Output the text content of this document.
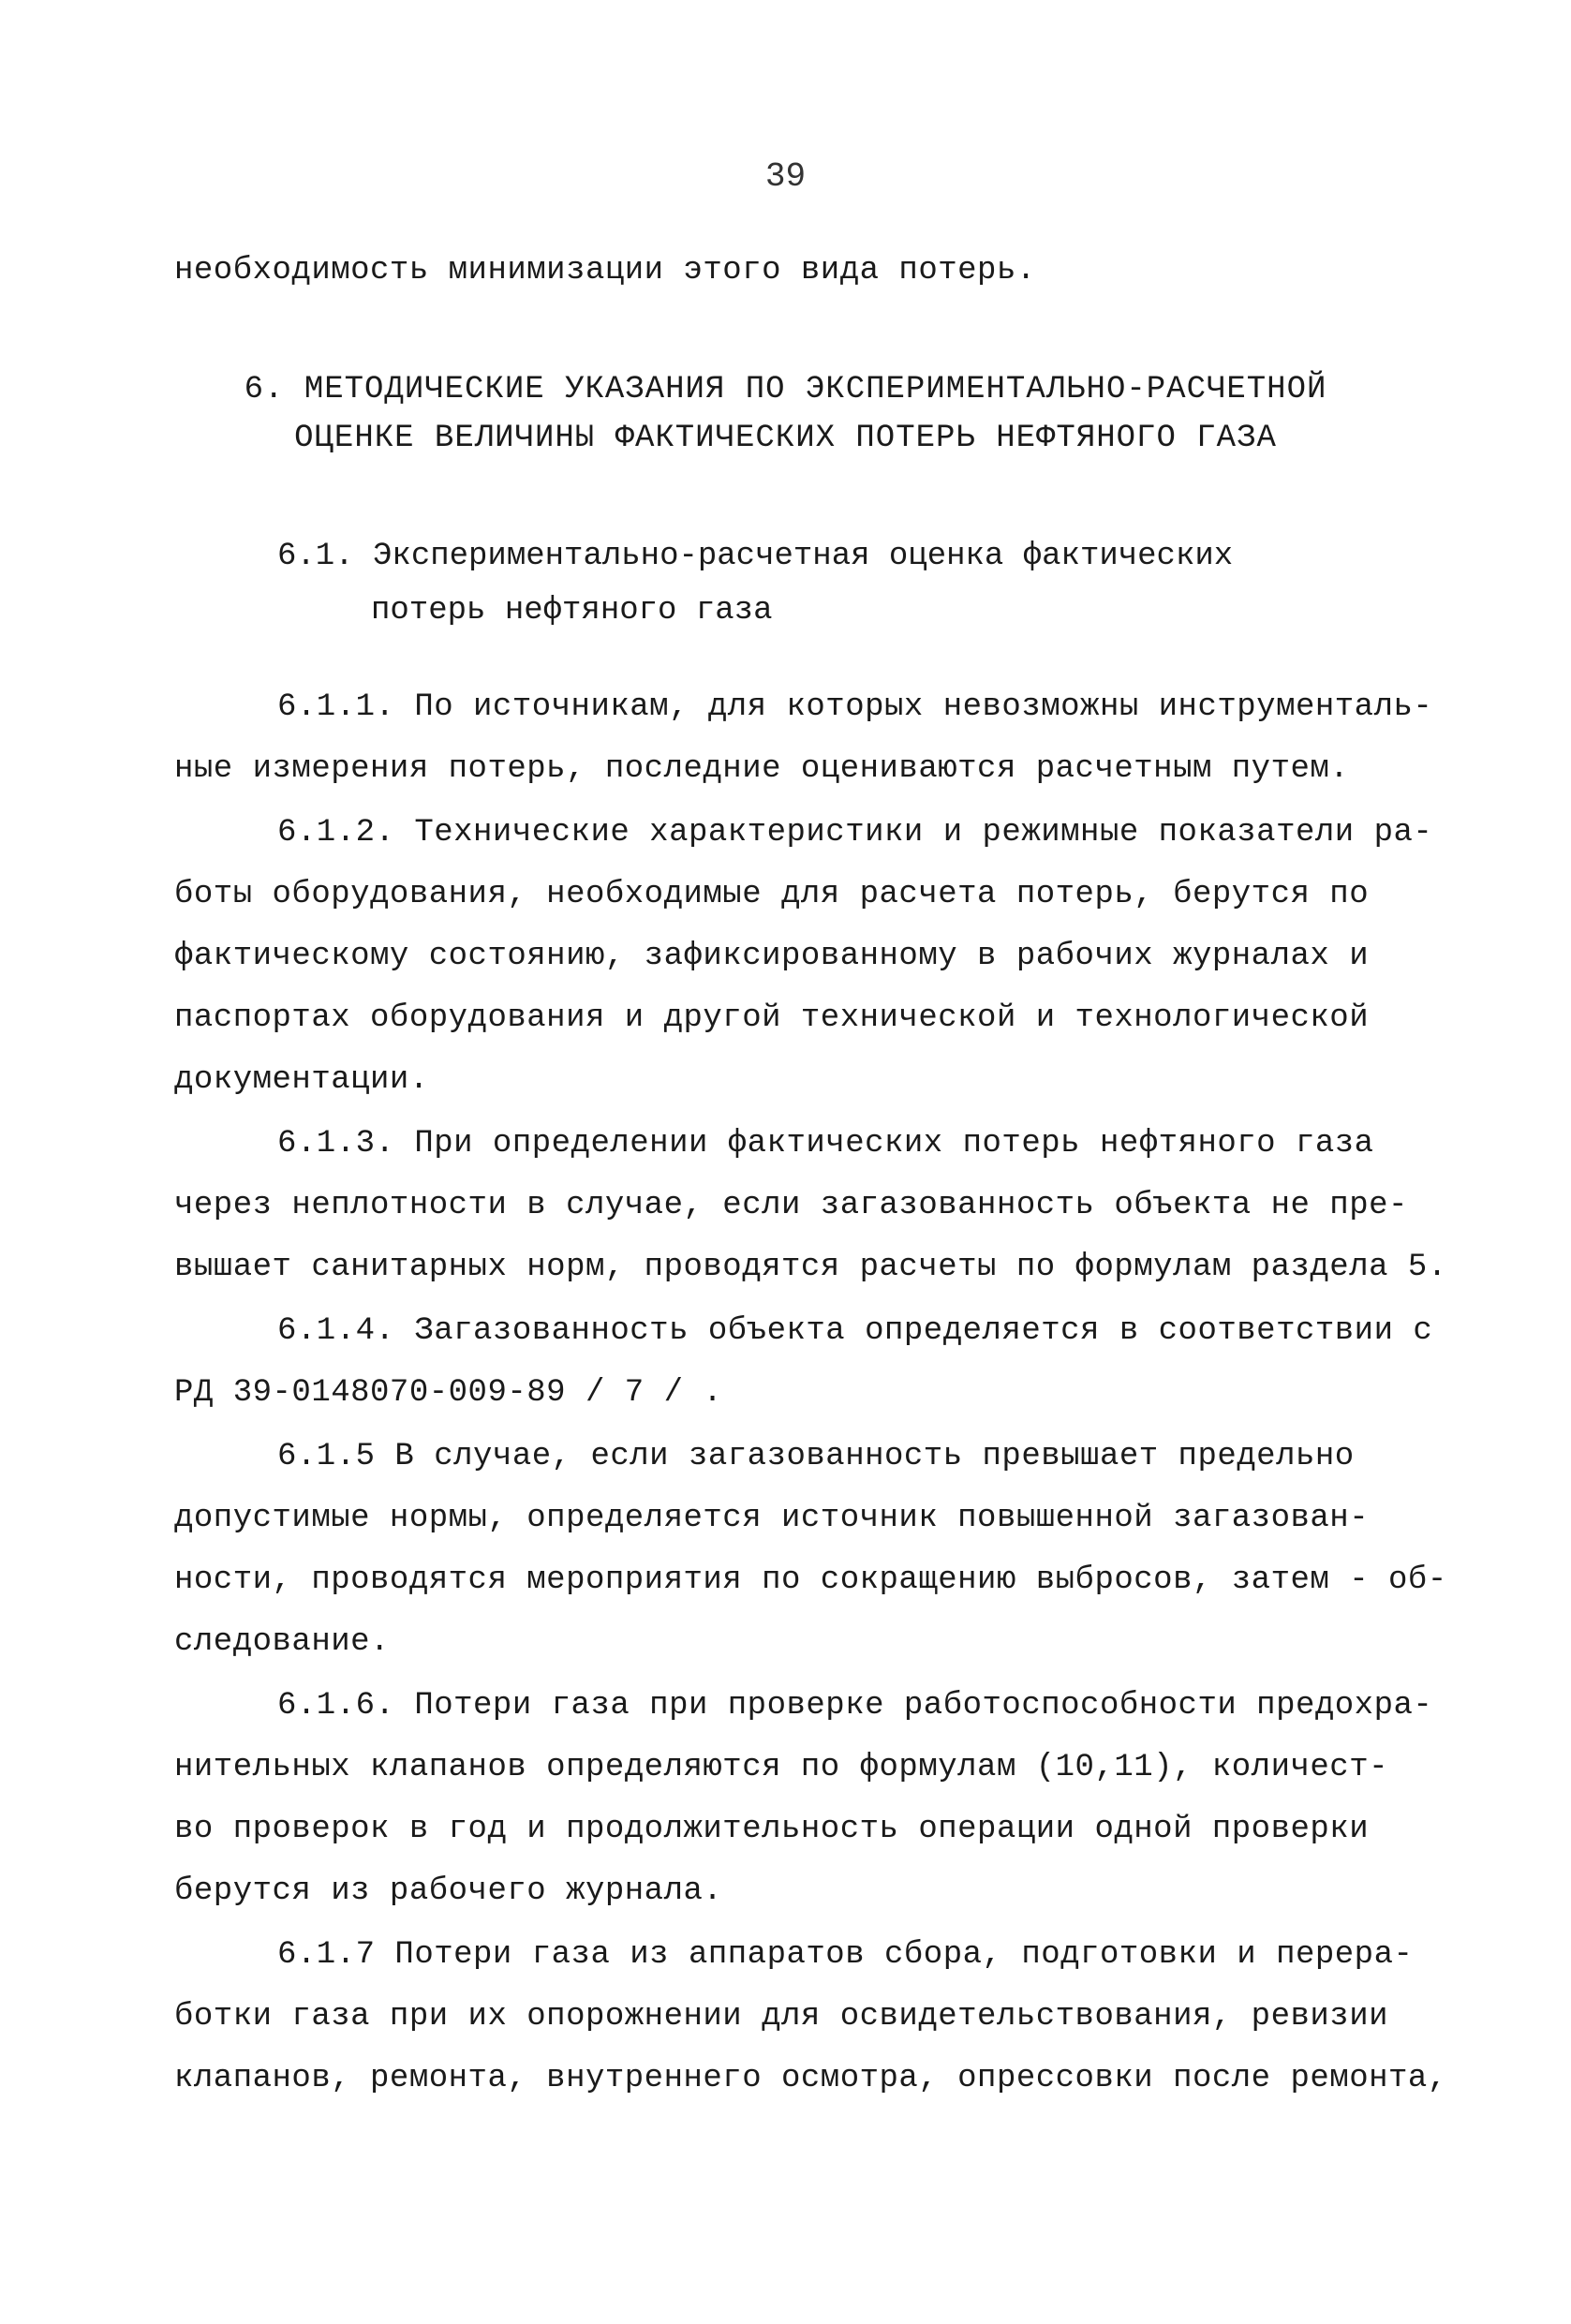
39
необходимость минимизации этого вида потерь.
6. МЕТОДИЧЕСКИЕ УКАЗАНИЯ ПО ЭКСПЕРИМЕНТАЛЬНО-РАСЧЕТНОЙ
ОЦЕНКЕ ВЕЛИЧИНЫ ФАКТИЧЕСКИХ ПОТЕРЬ НЕФТЯНОГО ГАЗА
6.1. Экспериментально-расчетная оценка фактических
потерь нефтяного газа
6.1.1. По источникам, для которых невозможны инструменталь-
ные измерения потерь, последние оцениваются расчетным путем.
6.1.2. Технические характеристики и режимные показатели ра-
боты оборудования, необходимые для расчета потерь, берутся по
фактическому состоянию, зафиксированному в рабочих журналах и
паспортах оборудования и другой технической и технологической
документации.
6.1.3. При определении фактических потерь нефтяного газа
через неплотности в случае, если загазованность объекта не пре-
вышает санитарных норм, проводятся расчеты по формулам раздела 5.
6.1.4. Загазованность объекта определяется в соответствии с
РД 39-0148070-009-89 / 7 / .
6.1.5 В случае, если загазованность превышает предельно
допустимые нормы, определяется источник повышенной загазован-
ности, проводятся мероприятия по сокращению выбросов, затем - об-
следование.
6.1.6. Потери газа при проверке работоспособности предохра-
нительных клапанов определяются по формулам (10,11), количест-
во проверок в год и продолжительность операции одной проверки
берутся из рабочего журнала.
6.1.7 Потери газа из аппаратов сбора, подготовки и перера-
ботки газа при их опорожнении для освидетельствования, ревизии
клапанов, ремонта, внутреннего осмотра, опрессовки после ремонта,
